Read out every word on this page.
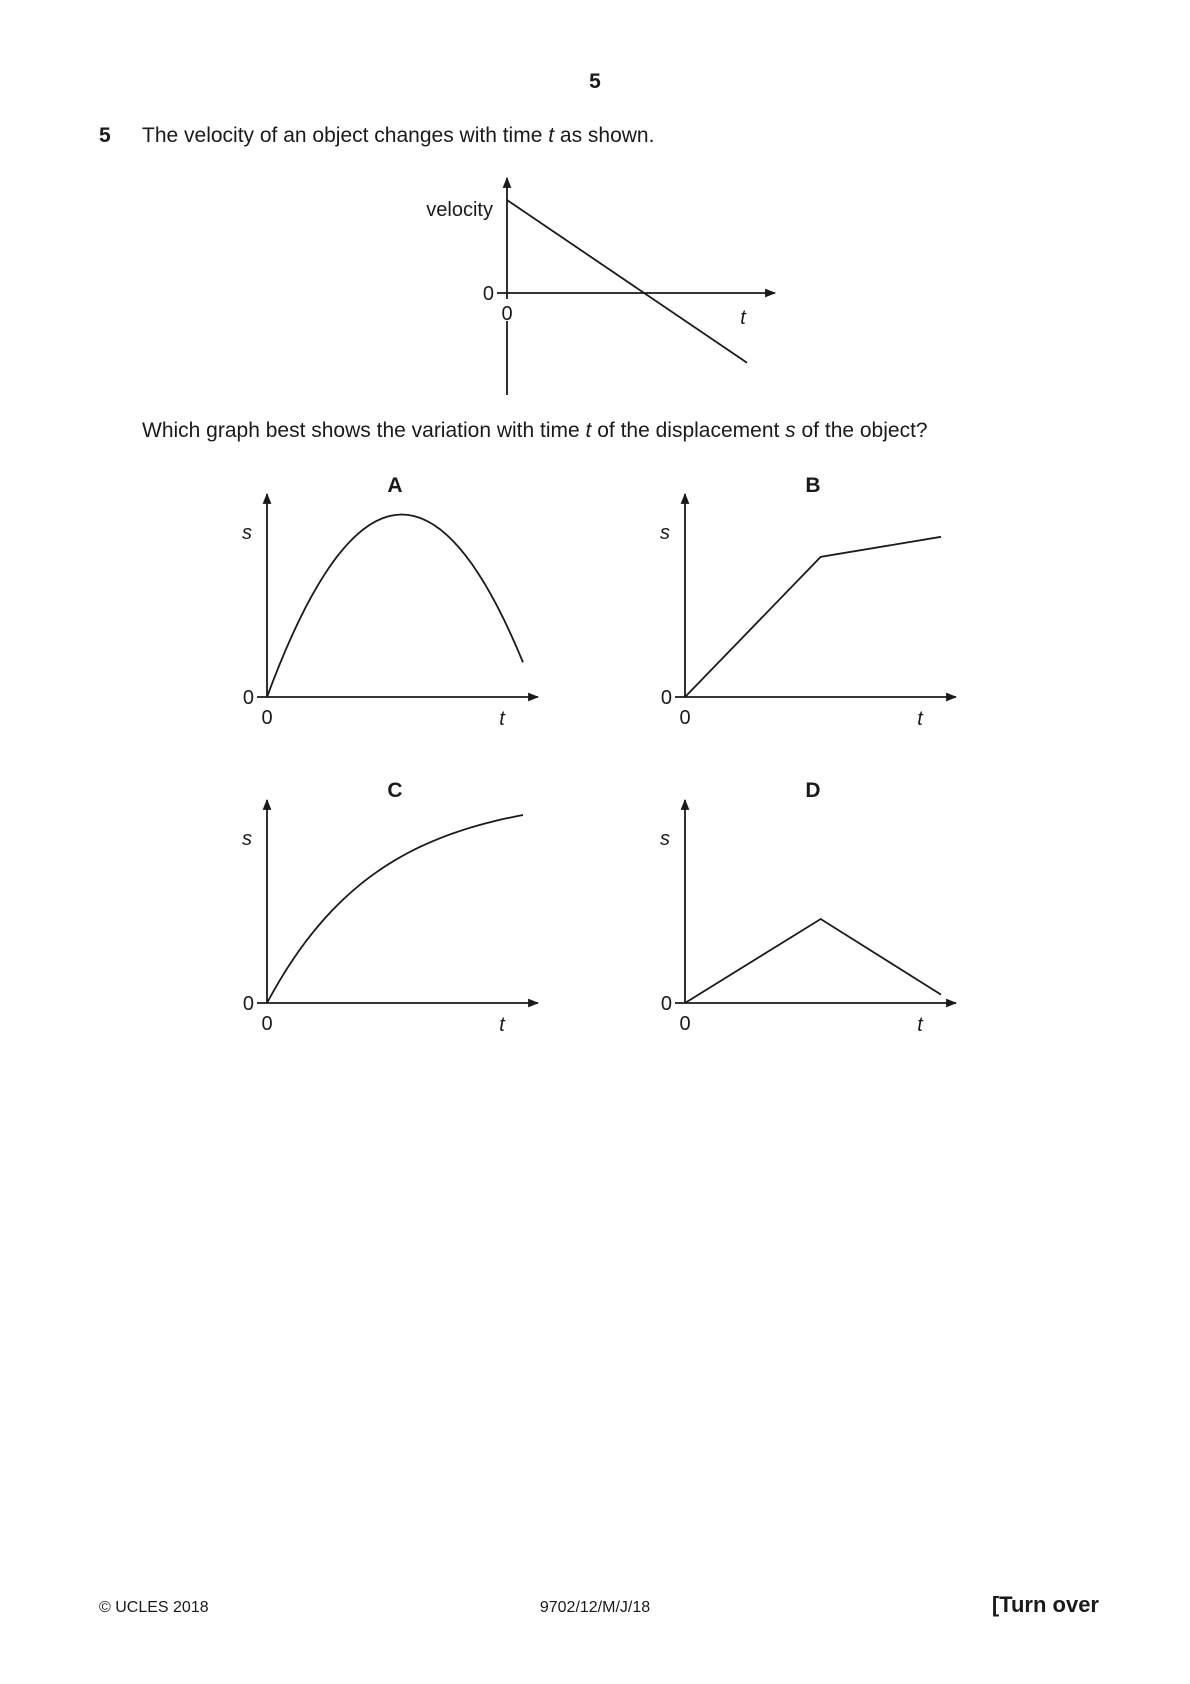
5
5 The velocity of an object changes with time t as shown.
Which graph best shows the variation with time t of the displacement s of the object?
0
0
velocity
t
A
0
0
s
t
B
0
0
s
t
C
0
0
s
t
D
0
0
s
t
© UCLES 2018	9702/12/M/J/18	[Turn over
